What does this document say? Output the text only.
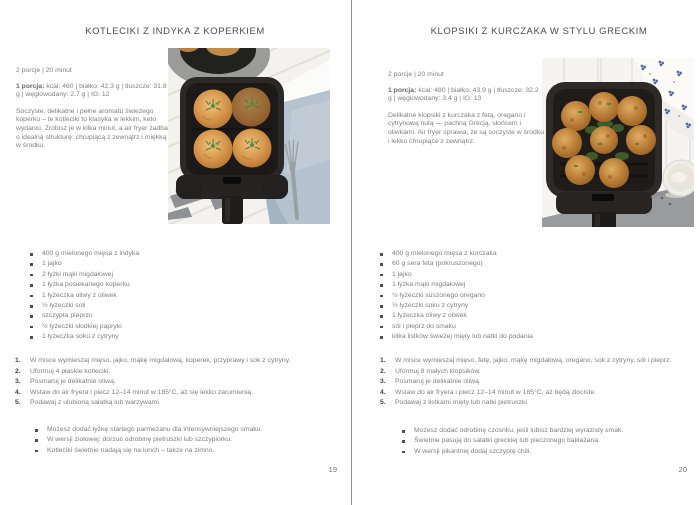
KOTLECIKI Z INDYKA Z KOPERKIEM

2 porcje | 20 minut

1 porcja: kcal: 460 | białko: 42.3 g | tłuszcze: 31.8 g | węglowodany: 2.7 g | IG: 12

Soczyste, delikatne i pełne aromatu świeżego koperku – te kotleciki to klasyka w lekkim, keto wydaniu. Zrobisz je w kilka minut, a air fryer zadba o idealną strukturę: chrupiącą z zewnątrz i miękką w środku.

400 g mielonego mięsa z indyka
1 jajko
2 łyżki mąki migdałowej
1 łyżka posiekanego koperku
1 łyżeczka oliwy z oliwek
½ łyżeczki soli
szczypta pieprzu
½ łyżeczki słodkiej papryki
1 łyżeczka soku z cytryny
W misce wymieszaj mięso, jajko, mąkę migdałową, koperek, przyprawy i sok z cytryny.
Uformuj 4 płaskie kotleciki.
Posmaruj je delikatnie oliwą.
Wstaw do air fryera i piecz 12–14 minut w 185°C, aż się lekko zarumienią.
Podawaj z ulubioną sałatką lub warzywami.
Możesz dodać łyżkę startego parmezanu dla intensywniejszego smaku.
W wersji ziołowej: dorzuć odrobinę pietruszki lub szczypiorku.
Kotleciki świetnie nadają się na lunch – także na zimno.
19
KLOPSIKI Z KURCZAKA W STYLU GRECKIM

2 porcje | 20 minut

1 porcja: kcal: 480 | białko: 43.9 g | tłuszcze: 32.2 g | węglowodany: 3.4 g | IG: 13

Delikatne klopsiki z kurczaka z fetą, oregano i cytrynową nutą — pachną Grecją, słońcem i oliwkami. Air fryer sprawia, że są soczyste w środku i lekko chrupiące z zewnątrz.

400 g mielonego mięsa z kurczaka
60 g sera feta (pokruszonego)
1 jajko
1 łyżka mąki migdałowej
½ łyżeczki suszonego oregano
½ łyżeczki soku z cytryny
1 łyżeczka oliwy z oliwek
sól i pieprz do smaku
kilka listków świeżej mięty lub natki do podania
W misce wymieszaj mięso, fetę, jajko, mąkę migdałową, oregano, sok z cytryny, sól i pieprz.
Uformuj 8 małych klopsików.
Posmaruj je delikatnie oliwą.
Wstaw do air fryera i piecz 12–14 minut w 185°C, aż będą złociste.
Podawaj z listkami mięty lub natki pietruszki.
Możesz dodać odrobinę czosnku, jeśli lubisz bardziej wyrazisty smak.
Świetnie pasują do sałatki greckiej lub pieczonego bakłażana.
W wersji pikantnej dodaj szczyptę chili.
20
